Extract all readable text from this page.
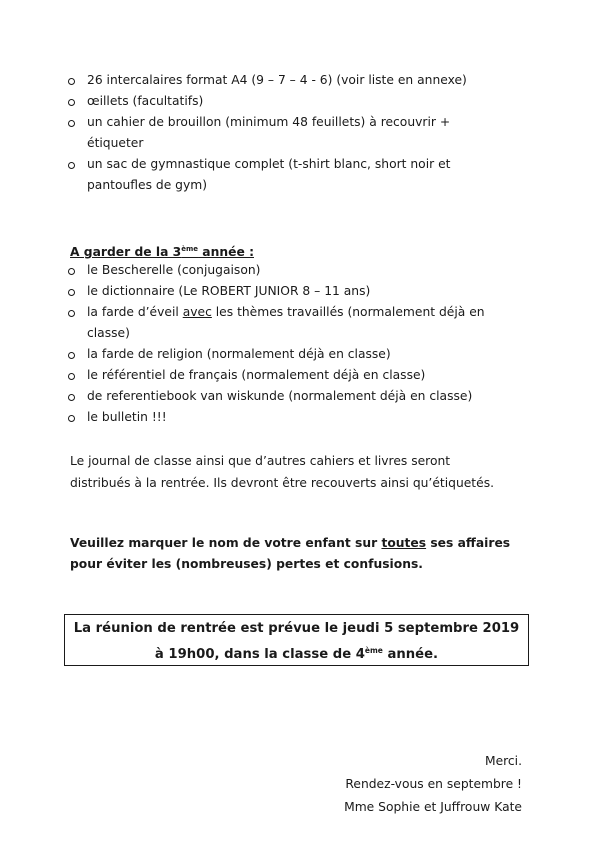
26 intercalaires format A4 (9 – 7 – 4 - 6) (voir liste en annexe)
œillets (facultatifs)
un cahier de brouillon (minimum 48 feuillets) à recouvrir +
étiqueter
un sac de gymnastique complet (t-shirt blanc, short noir et
pantoufles de gym)
A garder de la 3ème année :
le Bescherelle (conjugaison)
le dictionnaire (Le ROBERT JUNIOR 8 – 11 ans)
la farde d’éveil avec les thèmes travaillés (normalement déjà en
classe)
la farde de religion (normalement déjà en classe)
le référentiel de français (normalement déjà en classe)
de referentiebook van wiskunde (normalement déjà en classe)
le bulletin !!!
Le journal de classe ainsi que d’autres cahiers et livres seront
distribués à la rentrée. Ils devront être recouverts ainsi qu’étiquetés.
Veuillez marquer le nom de votre enfant sur toutes ses affaires
pour éviter les (nombreuses) pertes et confusions.
La réunion de rentrée est prévue le jeudi 5 septembre 2019
à 19h00, dans la classe de 4ème année.
Merci.
Rendez-vous en septembre !
Mme Sophie et Juffrouw Kate
